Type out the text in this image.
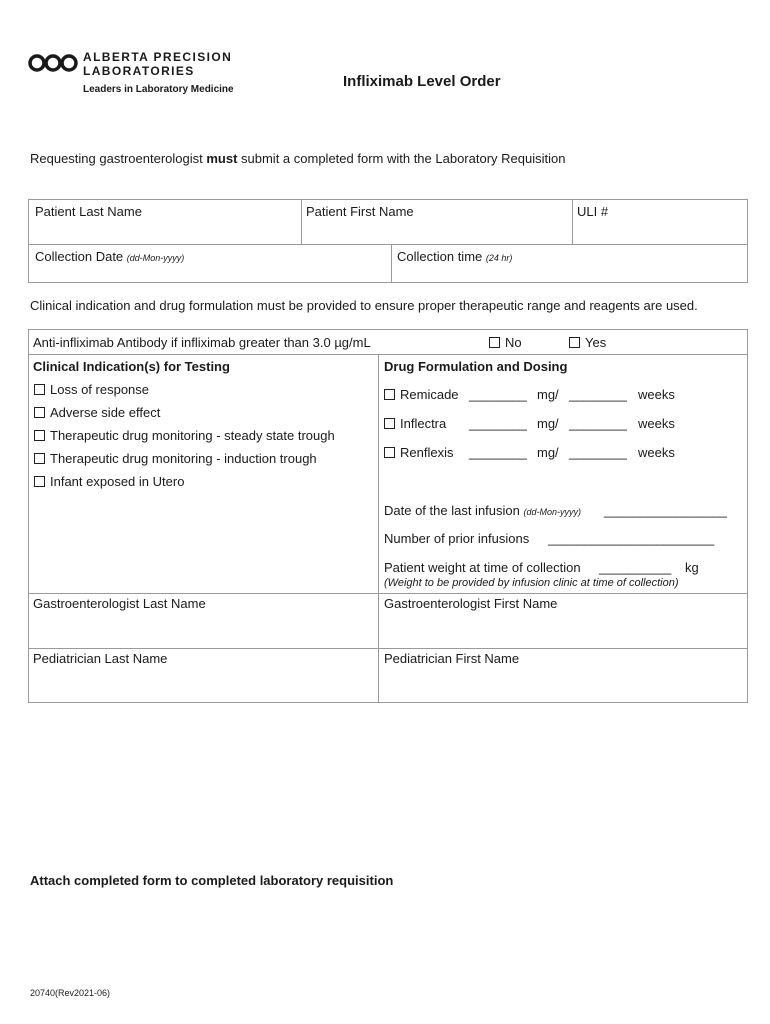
ALBERTA PRECISION
LABORATORIES
Leaders in Laboratory Medicine	Infliximab Level Order
Requesting gastroenterologist must submit a completed form with the Laboratory Requisition
Patient Last Name	Patient First Name	ULI #
Collection Date (dd-Mon-yyyy)	Collection time (24 hr)
Clinical indication and drug formulation must be provided to ensure proper therapeutic range and reagents are used.
Anti-infliximab Antibody if infliximab greater than 3.0 µg/mL	No	Yes
Clinical Indication(s) for Testing
Loss of response
Adverse side effect
Therapeutic drug monitoring - steady state trough
Therapeutic drug monitoring - induction trough
Infant exposed in Utero
Drug Formulation and Dosing
Remicade ________ mg/ ________ weeks
Inflectra ________ mg/ ________ weeks
Renflexis ________ mg/ ________ weeks
Date of the last infusion (dd-Mon-yyyy) _________________
Number of prior infusions _______________________
Patient weight at time of collection __________ kg
(Weight to be provided by infusion clinic at time of collection)
Gastroenterologist Last Name	Gastroenterologist First Name
Pediatrician Last Name	Pediatrician First Name
Attach completed form to completed laboratory requisition
20740(Rev2021-06)
